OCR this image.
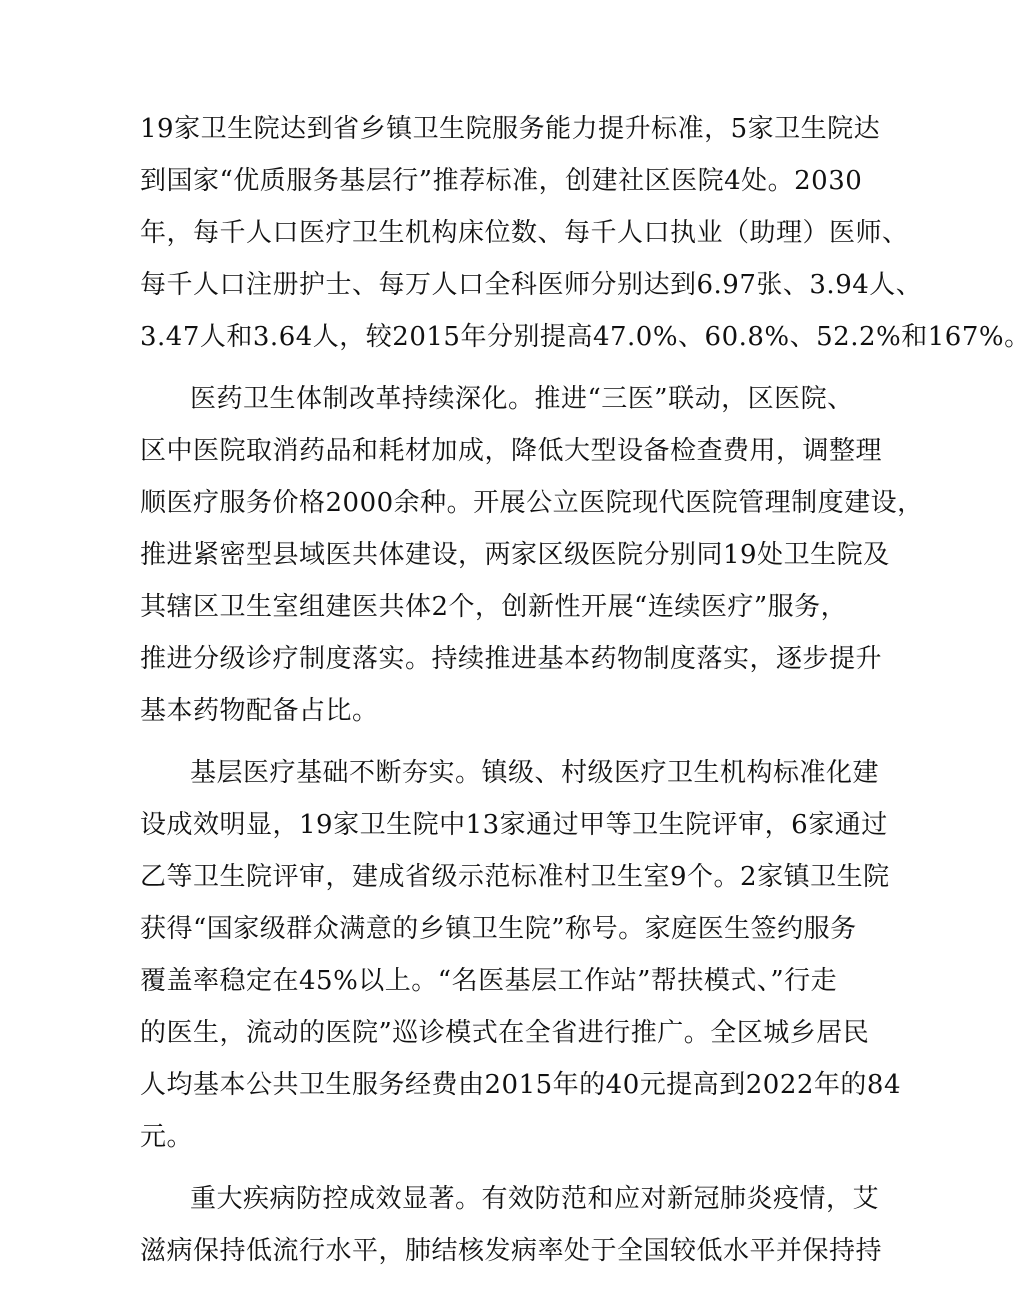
19家卫生院达到省乡镇卫生院服务能力提升标准，5家卫生院达
到国家“优质服务基层行”推荐标准，创建社区医院4处。2030
年，每千人口医疗卫生机构床位数、每千人口执业（助理）医师、
每千人口注册护士、每万人口全科医师分别达到6.97张、3.94人、
3.47人和3.64人，较2015年分别提高47.0%、60.8%、52.2%和167%。
医药卫生体制改革持续深化。推进“三医”联动，区医院、
区中医院取消药品和耗材加成，降低大型设备检查费用，调整理
顺医疗服务价格2000余种。开展公立医院现代医院管理制度建设，
推进紧密型县域医共体建设，两家区级医院分别同19处卫生院及
其辖区卫生室组建医共体2个，创新性开展“连续医疗”服务，
推进分级诊疗制度落实。持续推进基本药物制度落实，逐步提升
基本药物配备占比。
基层医疗基础不断夯实。镇级、村级医疗卫生机构标准化建
设成效明显，19家卫生院中13家通过甲等卫生院评审，6家通过
乙等卫生院评审，建成省级示范标准村卫生室9个。2家镇卫生院
获得“国家级群众满意的乡镇卫生院”称号。家庭医生签约服务
覆盖率稳定在45%以上。“名医基层工作站”帮扶模式、”行走
的医生，流动的医院”巡诊模式在全省进行推广。全区城乡居民
人均基本公共卫生服务经费由2015年的40元提高到2022年的84
元。
重大疾病防控成效显著。有效防范和应对新冠肺炎疫情，艾
滋病保持低流行水平，肺结核发病率处于全国较低水平并保持持
